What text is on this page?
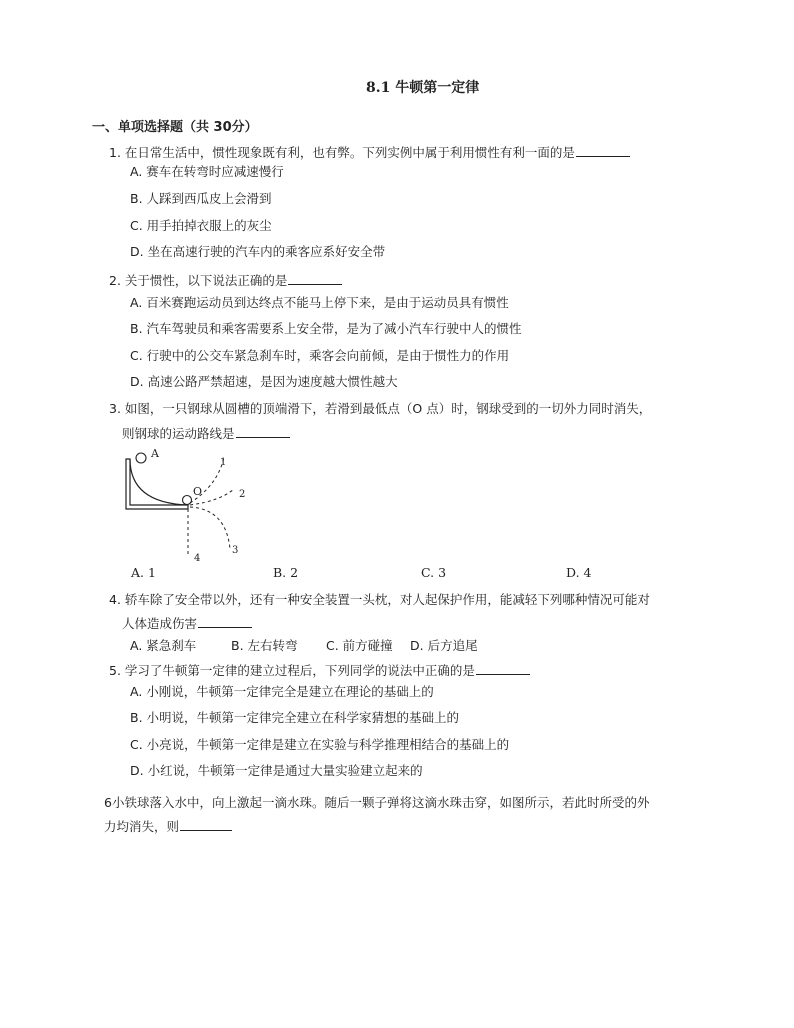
8.1 牛顿第一定律
一、单项选择题（共 30分）
1. 在日常生活中，惯性现象既有利，也有弊。下列实例中属于利用惯性有利一面的是
A. 赛车在转弯时应减速慢行
B. 人踩到西瓜皮上会滑到
C. 用手拍掉衣服上的灰尘
D. 坐在高速行驶的汽车内的乘客应系好安全带
2. 关于惯性，以下说法正确的是
A. 百米赛跑运动员到达终点不能马上停下来，是由于运动员具有惯性
B. 汽车驾驶员和乘客需要系上安全带，是为了减小汽车行驶中人的惯性
C. 行驶中的公交车紧急刹车时，乘客会向前倾，是由于惯性力的作用
D. 高速公路严禁超速，是因为速度越大惯性越大
3. 如图，一只钢球从圆槽的顶端滑下，若滑到最低点（O 点）时，钢球受到的一切外力同时消失，
则钢球的运动路线是
A
O
1
2
3
4
A. 1	B. 2	C. 3	D. 4
4. 轿车除了安全带以外，还有一种安全装置一头枕，对人起保护作用，能减轻下列哪种情况可能对
人体造成伤害
A. 紧急刹车	B. 左右转弯 C. 前方碰撞 D. 后方追尾
5. 学习了牛顿第一定律的建立过程后，下列同学的说法中正确的是
A. 小刚说，牛顿第一定律完全是建立在理论的基础上的
B. 小明说，牛顿第一定律完全建立在科学家猜想的基础上的
C. 小亮说，牛顿第一定律是建立在实验与科学推理相结合的基础上的
D. 小红说，牛顿第一定律是通过大量实验建立起来的
6小铁球落入水中，向上激起一滴水珠。随后一颗子弹将这滴水珠击穿，如图所示，若此时所受的外
力均消失，则
